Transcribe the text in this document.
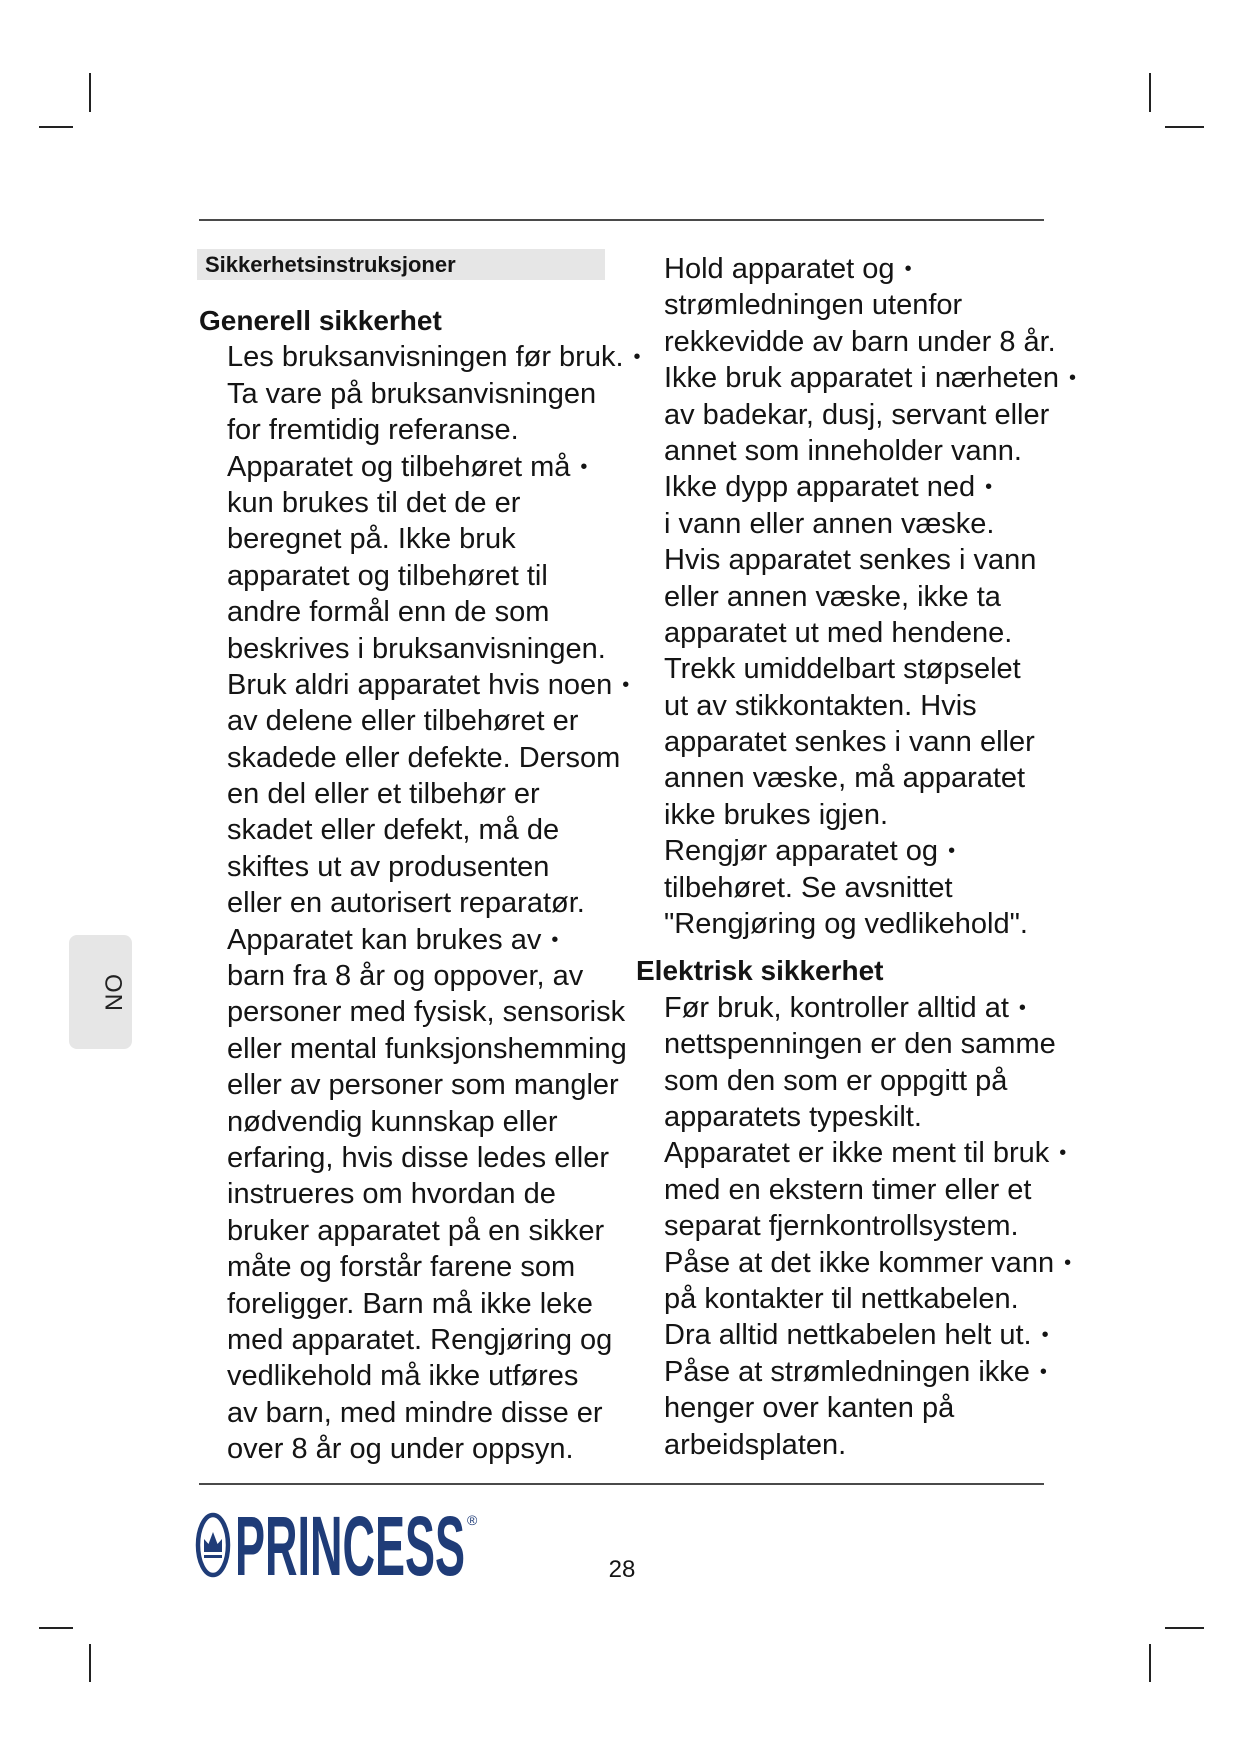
Sikkerhetsinstruksjoner
Generell sikkerhet
Les bruksanvisningen før bruk. •
Ta vare på bruksanvisningen
for fremtidig referanse.
Apparatet og tilbehøret må •
kun brukes til det de er
beregnet på. Ikke bruk
apparatet og tilbehøret til
andre formål enn de som
beskrives i bruksanvisningen.
Bruk aldri apparatet hvis noen •
av delene eller tilbehøret er
skadede eller defekte. Dersom
en del eller et tilbehør er
skadet eller defekt, må de
skiftes ut av produsenten
eller en autorisert reparatør.
Apparatet kan brukes av •
barn fra 8 år og oppover, av
personer med fysisk, sensorisk
eller mental funksjonshemming
eller av personer som mangler
nødvendig kunnskap eller
erfaring, hvis disse ledes eller
instrueres om hvordan de
bruker apparatet på en sikker
måte og forstår farene som
foreligger. Barn må ikke leke
med apparatet. Rengjøring og
vedlikehold må ikke utføres
av barn, med mindre disse er
over 8 år og under oppsyn.
Hold apparatet og •
strømledningen utenfor
rekkevidde av barn under 8 år.
Ikke bruk apparatet i nærheten •
av badekar, dusj, servant eller
annet som inneholder vann.
Ikke dypp apparatet ned •
i vann eller annen væske.
Hvis apparatet senkes i vann
eller annen væske, ikke ta
apparatet ut med hendene.
Trekk umiddelbart støpselet
ut av stikkontakten. Hvis
apparatet senkes i vann eller
annen væske, må apparatet
ikke brukes igjen.
Rengjør apparatet og •
tilbehøret. Se avsnittet
"Rengjøring og vedlikehold".
Elektrisk sikkerhet
Før bruk, kontroller alltid at •
nettspenningen er den samme
som den som er oppgitt på
apparatets typeskilt.
Apparatet er ikke ment til bruk •
med en ekstern timer eller et
separat fjernkontrollsystem.
Påse at det ikke kommer vann •
på kontakter til nettkabelen.
Dra alltid nettkabelen helt ut. •
Påse at strømledningen ikke •
henger over kanten på
arbeidsplaten.
NO
PRINCESS ®
28
